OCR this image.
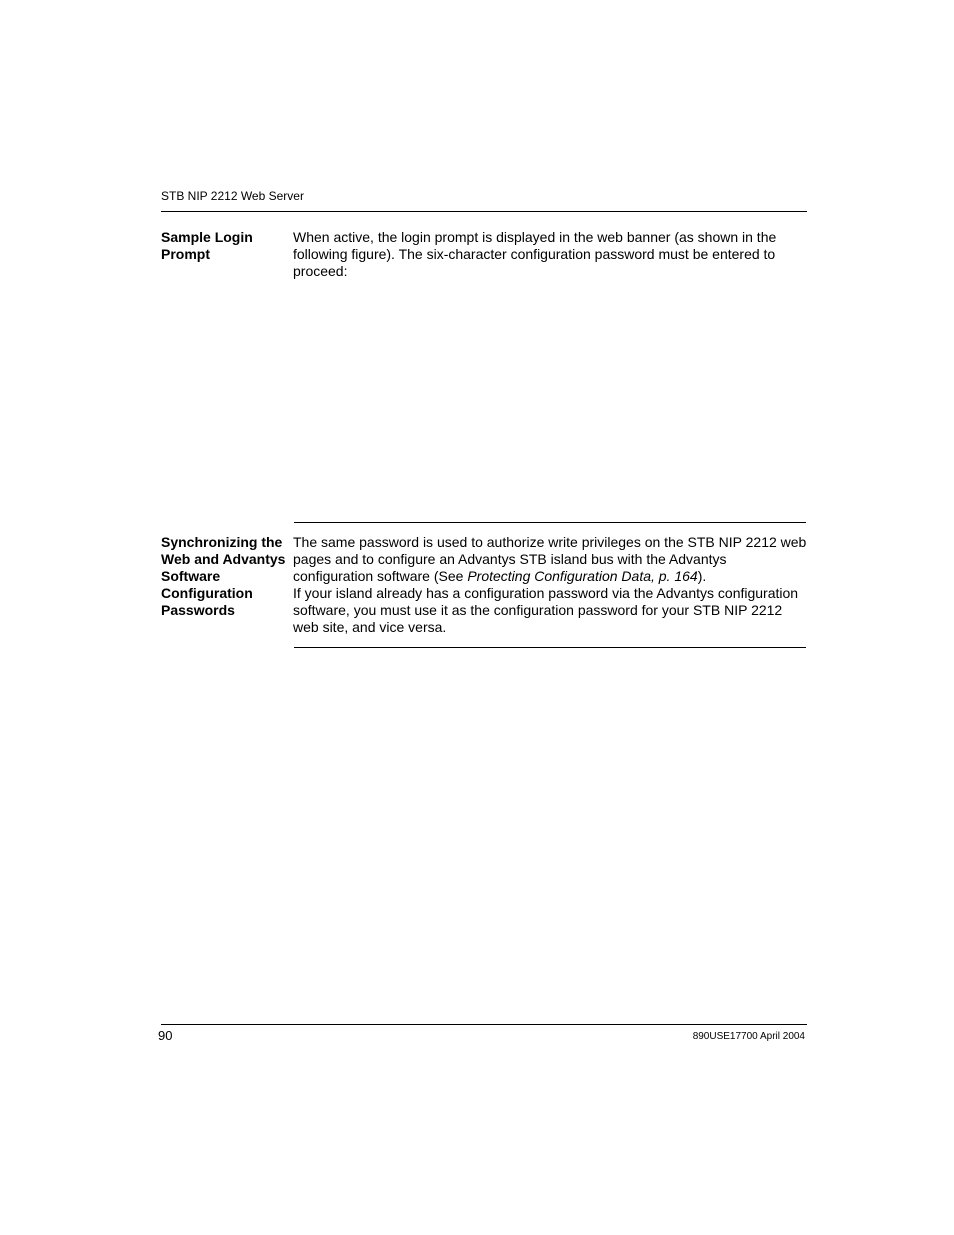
STB NIP 2212 Web Server
Sample Login Prompt

When active, the login prompt is displayed in the web banner (as shown in the following figure). The six-character configuration password must be entered to proceed:

Synchronizing the Web and Advantys Software Configuration Passwords

The same password is used to authorize write privileges on the STB NIP 2212 web pages and to configure an Advantys STB island bus with the Advantys configuration software (See Protecting Configuration Data, p. 164).

If your island already has a configuration password via the Advantys configuration software, you must use it as the configuration password for your STB NIP 2212 web site, and vice versa.

90	890USE17700 April 2004
